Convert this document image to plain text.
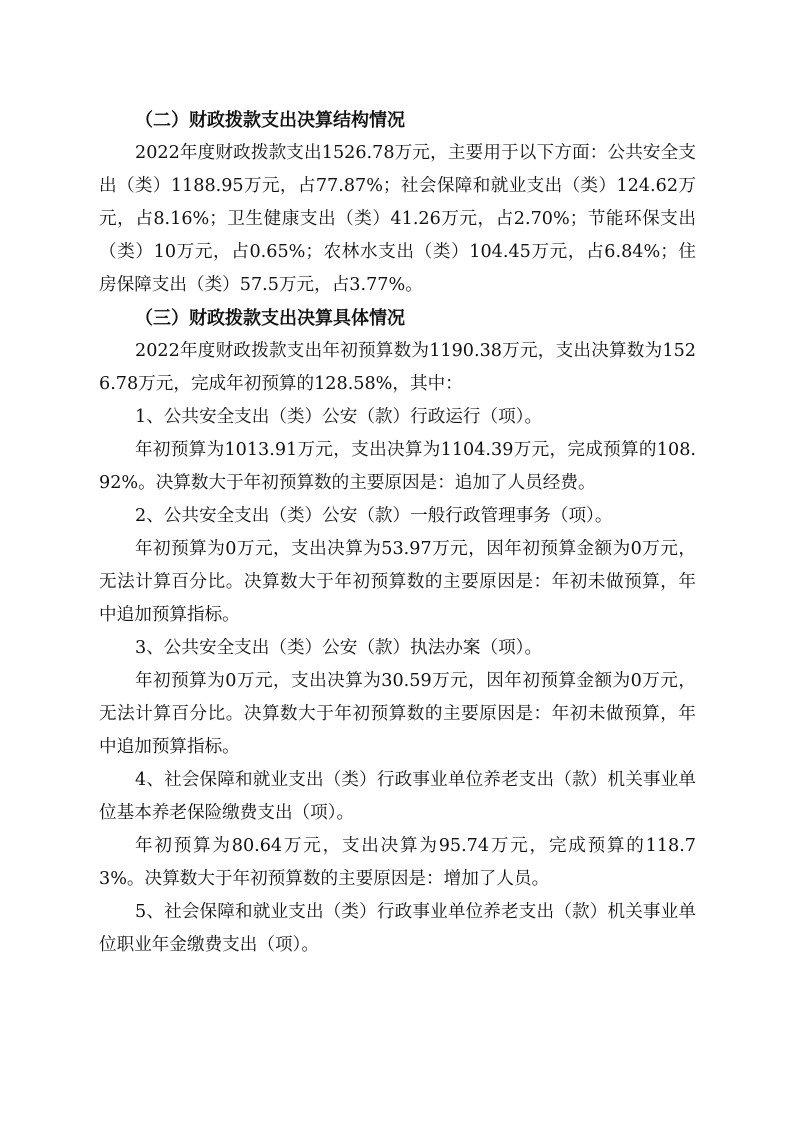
（二）财政拨款支出决算结构情况

2022年度财政拨款支出1526.78万元，主要用于以下方面：公共安全支出（类）1188.95万元，占77.87%；社会保障和就业支出（类）124.62万元，占8.16%；卫生健康支出（类）41.26万元，占2.70%；节能环保支出（类）10万元，占0.65%；农林水支出（类）104.45万元，占6.84%；住房保障支出（类）57.5万元，占3.77%。

（三）财政拨款支出决算具体情况

2022年度财政拨款支出年初预算数为1190.38万元，支出决算数为1526.78万元，完成年初预算的128.58%，其中：

1、公共安全支出（类）公安（款）行政运行（项）。

年初预算为1013.91万元，支出决算为1104.39万元，完成预算的108.92%。决算数大于年初预算数的主要原因是：追加了人员经费。

2、公共安全支出（类）公安（款）一般行政管理事务（项）。

年初预算为0万元，支出决算为53.97万元，因年初预算金额为0万元，无法计算百分比。决算数大于年初预算数的主要原因是：年初未做预算，年中追加预算指标。

3、公共安全支出（类）公安（款）执法办案（项）。

年初预算为0万元，支出决算为30.59万元，因年初预算金额为0万元，无法计算百分比。决算数大于年初预算数的主要原因是：年初未做预算，年中追加预算指标。

4、社会保障和就业支出（类）行政事业单位养老支出（款）机关事业单位基本养老保险缴费支出（项）。

年初预算为80.64万元，支出决算为95.74万元，完成预算的118.73%。决算数大于年初预算数的主要原因是：增加了人员。

5、社会保障和就业支出（类）行政事业单位养老支出（款）机关事业单位职业年金缴费支出（项）。
